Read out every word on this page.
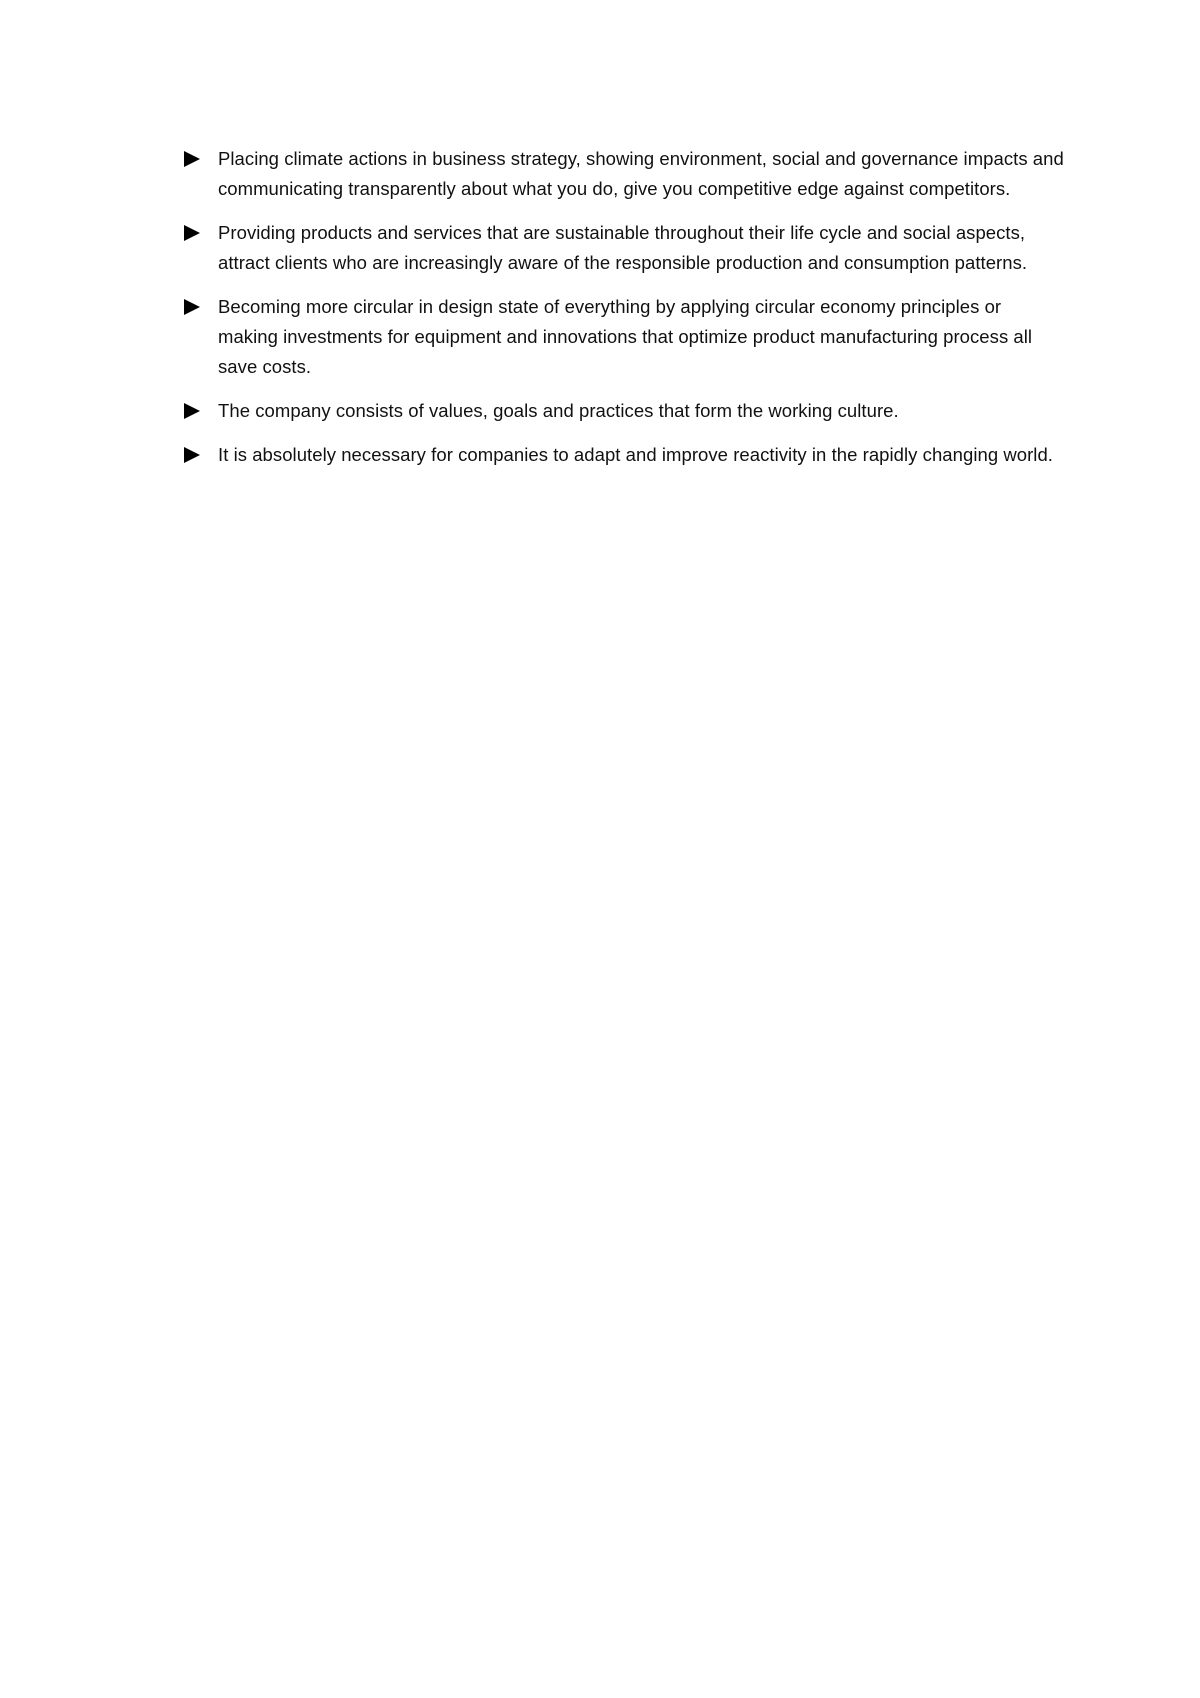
Placing climate actions in business strategy, showing environment, social and governance impacts and communicating transparently about what you do, give you competitive edge against competitors.
Providing products and services that are sustainable throughout their life cycle and social aspects, attract clients who are increasingly aware of the responsible production and consumption patterns.
Becoming more circular in design state of everything by applying circular economy principles or making investments for equipment and innovations that optimize product manufacturing process all save costs.
The company consists of values, goals and practices that form the working culture.
It is absolutely necessary for companies to adapt and improve reactivity in the rapidly changing world.
